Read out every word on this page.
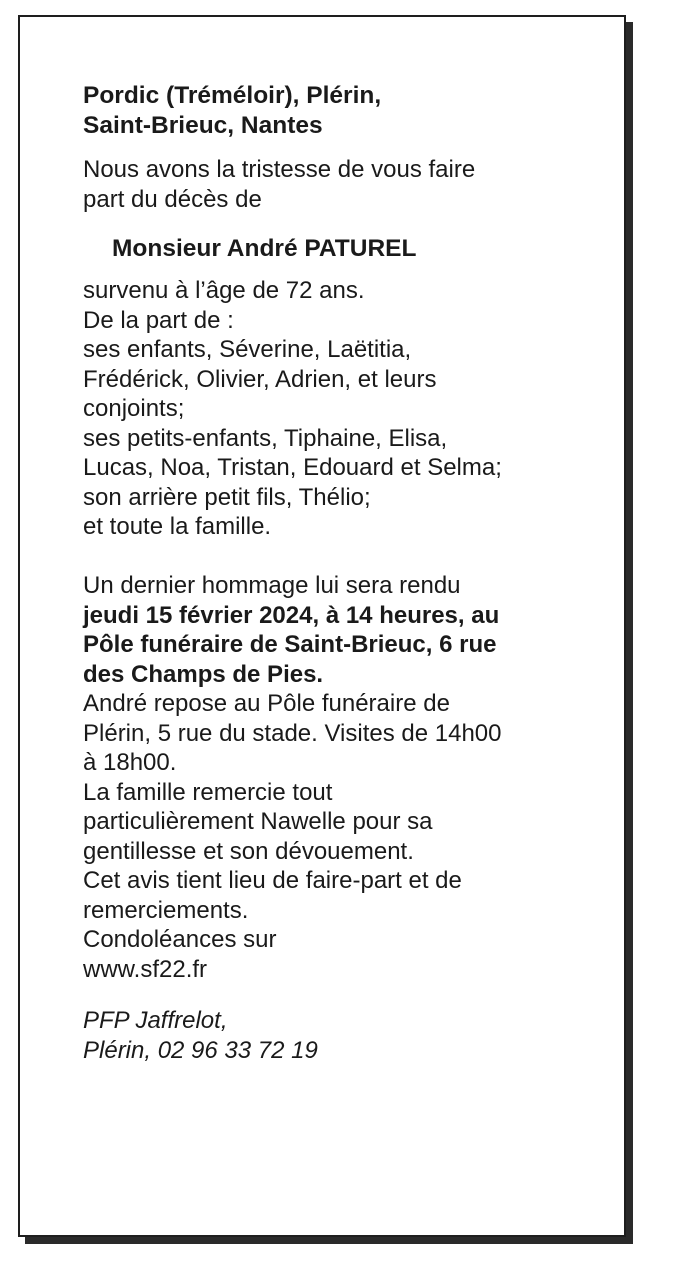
Pordic (Tréméloir), Plérin,
Saint-Brieuc, Nantes

Nous avons la tristesse de vous faire
part du décès de

Monsieur André PATUREL

survenu à l’âge de 72 ans.
De la part de :
ses enfants, Séverine, Laëtitia,
Frédérick, Olivier, Adrien, et leurs
conjoints;
ses petits-enfants, Tiphaine, Elisa,
Lucas, Noa, Tristan, Edouard et Selma;
son arrière petit fils, Thélio;
et toute la famille.
Un dernier hommage lui sera rendu
jeudi 15 février 2024, à 14 heures, au
Pôle funéraire de Saint-Brieuc, 6 rue
des Champs de Pies.
André repose au Pôle funéraire de
Plérin, 5 rue du stade. Visites de 14h00
à 18h00.
La famille remercie tout
particulièrement Nawelle pour sa
gentillesse et son dévouement.
Cet avis tient lieu de faire-part et de
remerciements.
Condoléances sur
www.sf22.fr
PFP Jaffrelot,
Plérin, 02 96 33 72 19
